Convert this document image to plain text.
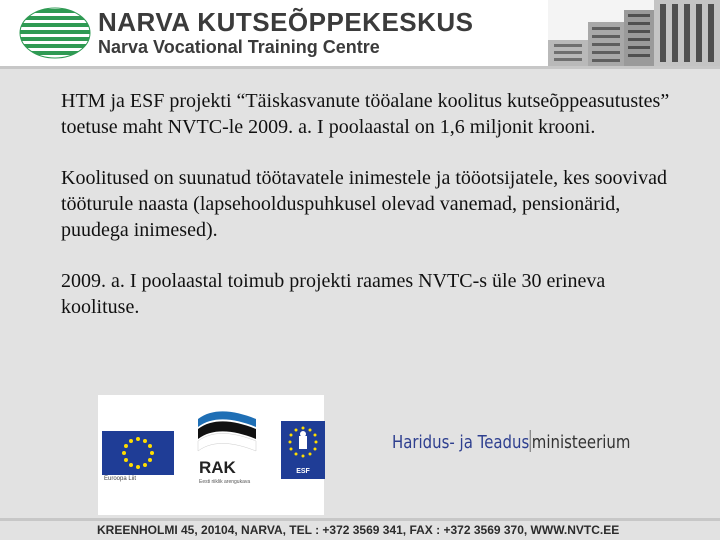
NARVA KUTSEÕPPEKESKUS
Narva Vocational Training Centre

HTM ja ESF projekti “Täiskasvanute tööalane koolitus kutseõppeasutustes” toetuse maht NVTC-le 2009. a. I poolaastal on 1,6 miljonit krooni.

Koolitused on suunatud töötavatele inimestele ja tööotsijatele, kes soovivad tööturule naasta (lapsehoolduspuhkusel olevad vanemad, pensionärid, puudega inimesed).

2009. a. I poolaastal toimub projekti raames NVTC-s üle 30 erineva koolituse.

Euroopa Liit
RAK
Eesti riiklik arengukava
ESF
Haridus- ja Teadus ministeerium
KREENHOLMI 45, 20104, NARVA, TEL : +372 3569 341, FAX : +372 3569 370, WWW.NVTC.EE
